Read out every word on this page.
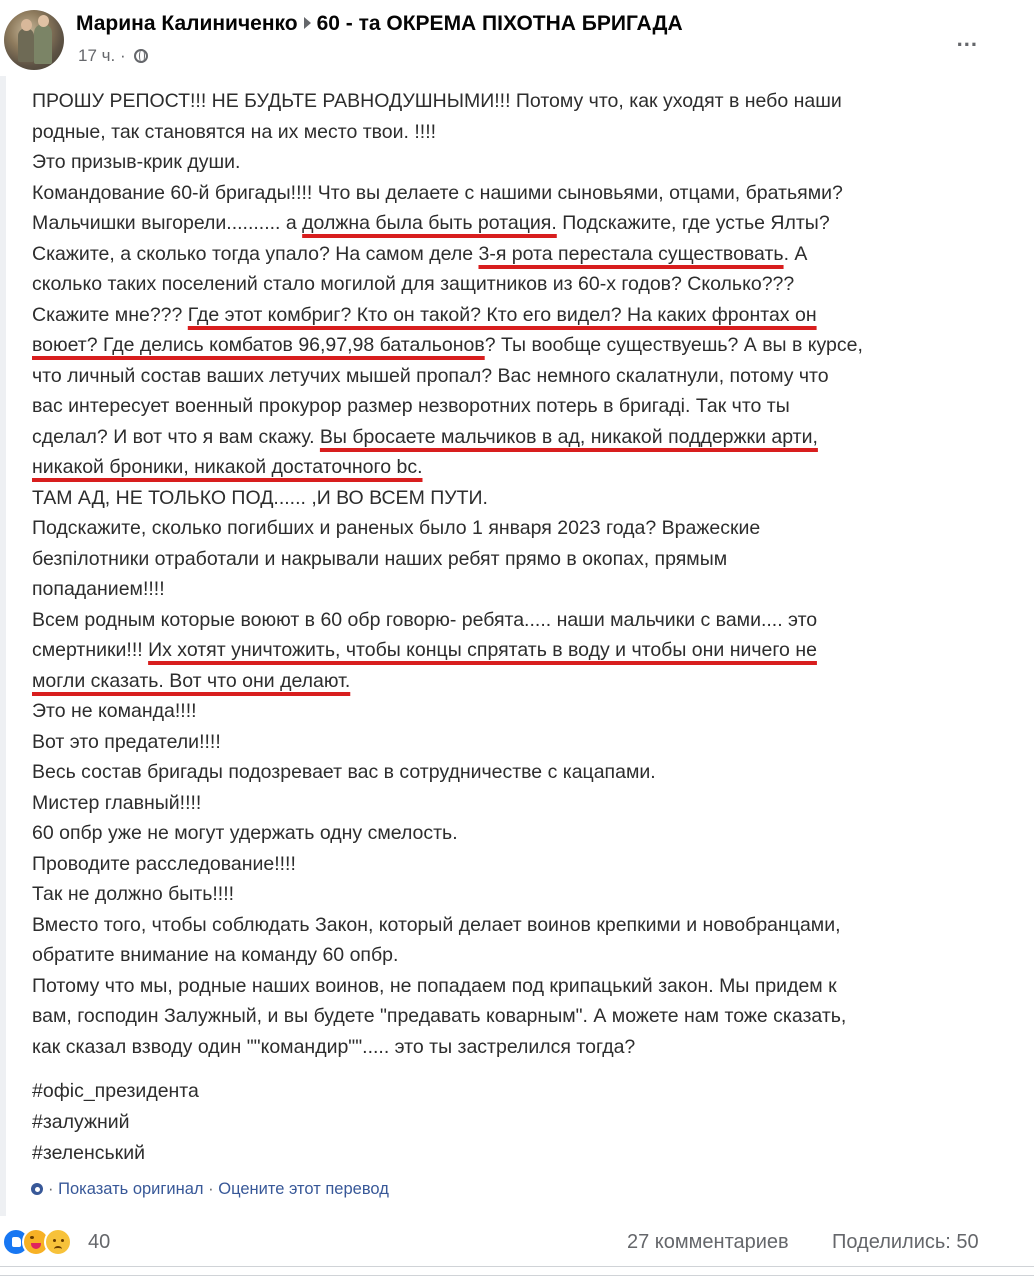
Марина Калиниченко 60 - та ОКРЕМА ПІХОТНА БРИГАДА
17 ч. ·
...

ПРОШУ РЕПОСТ!!! НЕ БУДЬТЕ РАВНОДУШНЫМИ!!! Потому что, как уходят в небо наши

родные, так становятся на их место твои. !!!!

Это призыв-крик души.

Командование 60-й бригады!!!! Что вы делаете с нашими сыновьями, отцами, братьями?

Мальчишки выгорели.......... а должна была быть ротация. Подскажите, где устье Ялты?

Скажите, а сколько тогда упало? На самом деле 3-я рота перестала существовать. А

сколько таких поселений стало могилой для защитников из 60-х годов? Сколько???

Скажите мне??? Где этот комбриг? Кто он такой? Кто его видел? На каких фронтах он

воюет? Где делись комбатов 96,97,98 батальонов? Ты вообще существуешь? А вы в курсе,

что личный состав ваших летучих мышей пропал? Вас немного скалатнули, потому что

вас интересует военный прокурор размер незворотних потерь в бригаді. Так что ты

сделал? И вот что я вам скажу. Вы бросаете мальчиков в ад, никакой поддержки арти,

никакой броники, никакой достаточного bc.

ТАМ АД, НЕ ТОЛЬКО ПОД...... ,И ВО ВСЕМ ПУТИ.

Подскажите, сколько погибших и раненых было 1 января 2023 года? Вражеские

безпілотники отработали и накрывали наших ребят прямо в окопах, прямым

попаданием!!!!

Всем родным которые воюют в 60 обр говорю- ребята..... наши мальчики с вами.... это

смертники!!! Их хотят уничтожить, чтобы концы спрятать в воду и чтобы они ничего не

могли сказать. Вот что они делают.

Это не команда!!!!

Вот это предатели!!!!

Весь состав бригады подозревает вас в сотрудничестве с кацапами.

Мистер главный!!!!

60 опбр уже не могут удержать одну смелость.

Проводите расследование!!!!

Так не должно быть!!!!

Вместо того, чтобы соблюдать Закон, который делает воинов крепкими и новобранцами,

обратите внимание на команду 60 опбр.

Потому что мы, родные наших воинов, не попадаем под крипацький закон. Мы придем к

вам, господин Залужный, и вы будете "предавать коварным". А можете нам тоже сказать,

как сказал взводу один ""командир""..... это ты застрелился тогда?

#офіс_президента

#залужний

#зеленський

· Показать оригинал · Оцените этот перевод
40	27 комментариев Поделились: 50
